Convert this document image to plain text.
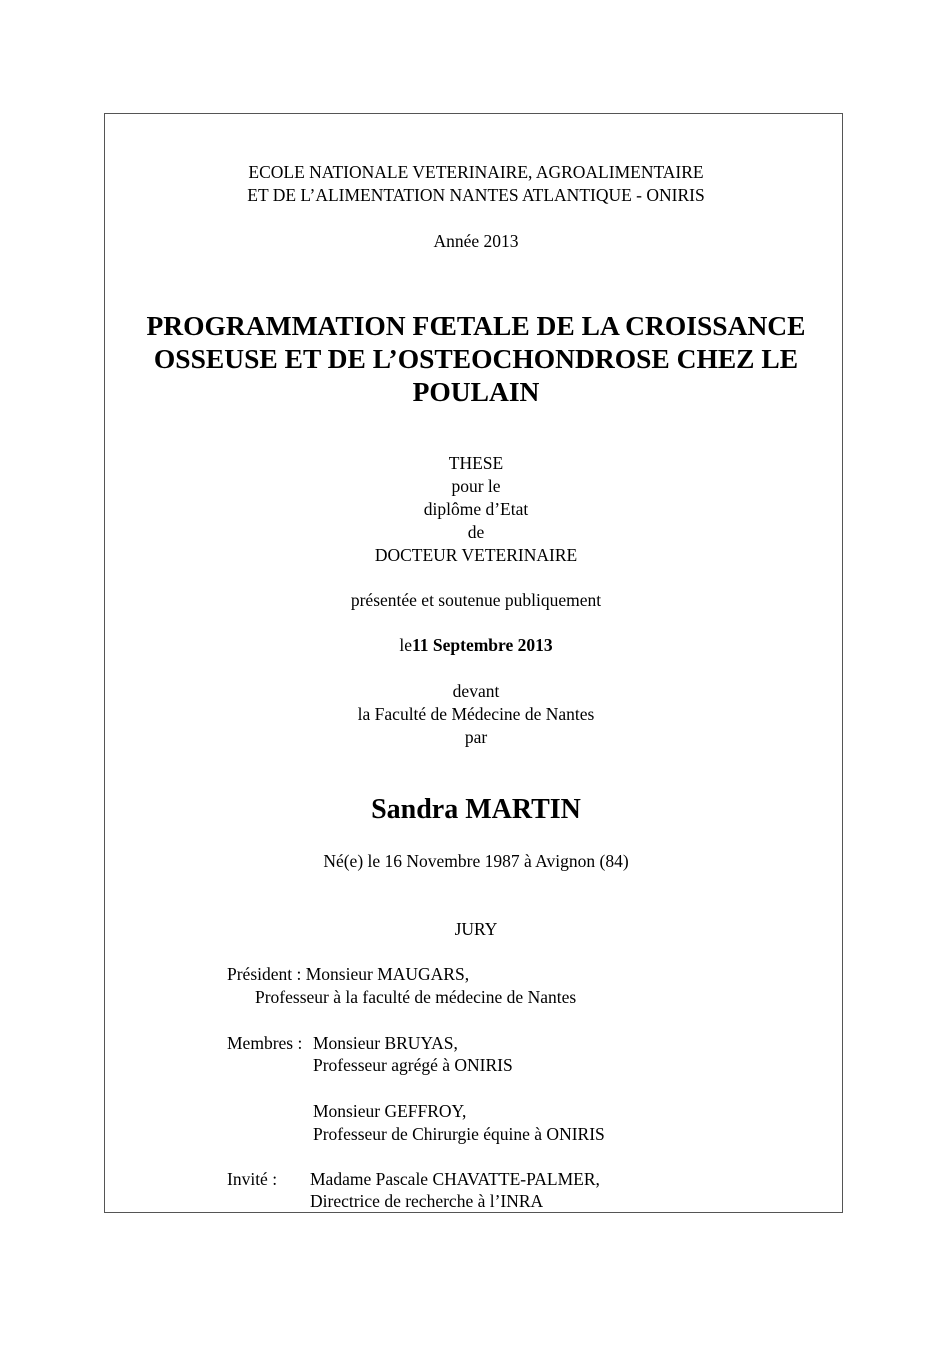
ECOLE NATIONALE VETERINAIRE, AGROALIMENTAIRE
ET DE L’ALIMENTATION NANTES ATLANTIQUE - ONIRIS
Année 2013
PROGRAMMATION FŒTALE DE LA CROISSANCE
OSSEUSE ET DE L’OSTEOCHONDROSE CHEZ LE
POULAIN
THESE
pour le
diplôme d’Etat
de
DOCTEUR VETERINAIRE
présentée et soutenue publiquement
le11 Septembre 2013
devant
la Faculté de Médecine de Nantes
par
Sandra MARTIN
Né(e) le 16 Novembre 1987 à Avignon (84)
JURY
Président : Monsieur MAUGARS,
Professeur à la faculté de médecine de Nantes
Membres : Monsieur BRUYAS,
Professeur agrégé à ONIRIS
Monsieur GEFFROY,
Professeur de Chirurgie équine à ONIRIS
Invité : Madame Pascale CHAVATTE-PALMER,
Directrice de recherche à l’INRA
